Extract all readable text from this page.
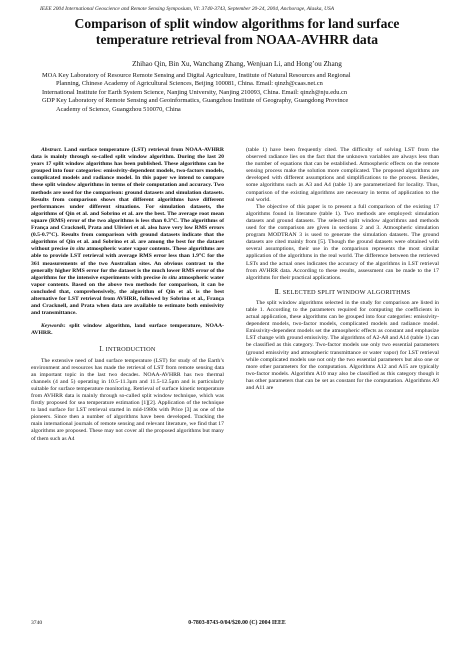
IEEE 2004 International Geoscience and Remote Sensing Symposium, VI: 3740-3743, September 20-24, 2004, Anchorage, Alaska, USA
Comparison of split window algorithms for land surface
temperature retrieval from NOAA-AVHRR data
Zhihao Qin, Bin Xu, Wanchang Zhang, Wenjuan Li, and Hong’ou Zhang

MOA Key Laboratory of Resource Remote Sensing and Digital Agriculture, Institute of Natural Resources and Regional
Planning, Chinese Academy of Agricultural Sciences, Beijing 100081, China. Email: qinzh@caas.net.cn

International Institute for Earth System Science, Nanjing University, Nanjing 210093, China. Email: qinzh@nju.edu.cn

GDP Key Laboratory of Remote Sensing and Geoinformatics, Guangzhou Institute of Geography, Guangdong Province
Academy of Science, Guangzhou 510070, China

Abstract. Land surface temperature (LST) retrieval from NOAA-AVHRR data is mainly through so-called split window algorithm. During the last 20 years 17 split window algorithms has been published. These algorithms can be grouped into four categories: emissivity-dependent models, two-factors models, complicated models and radiance model. In this paper we intend to compare these split window algorithms in terms of their computation and accuracy. Two methods are used for the comparison: ground datasets and simulation datasets. Results from comparison shows that different algorithms have different performances under different situations. For simulation datasets, the algorithms of Qin et al. and Sobrino et al. are the best. The average root mean square (RMS) error of the two algorithms is less than 0.3°C. The algorithms of França and Cracknell, Prata and Ulivieri et al. also have very low RMS errors (0.5-0.7°C). Results from comparison with ground datasets indicate that the algorithms of Qin et al. and Sobrino et al. are among the best for the dataset without precise in situ atmospheric water vapor contents. These algorithms are able to provide LST retrieval with average RMS error less than 1.9°C for the 361 measurements of the two Australian sites. An obvious contrast to the generally higher RMS error for the dataset is the much lower RMS error of the algorithms for the intensive experiments with precise in situ atmospheric water vapor contents. Based on the above two methods for comparison, it can be concluded that, comprehensively, the algorithm of Qin et al. is the best alternative for LST retrieval from AVHRR, followed by Sobrino et al., França and Cracknell, and Prata when data are available to estimate both emissivity and transmittance.

Keywords: split window algorithm, land surface temperature, NOAA-AVHRR.

Ⅰ. INTRODUCTION

The extensive need of land surface temperature (LST) for study of the Earth’s environment and resources has made the retrieval of LST from remote sensing data an important topic in the last two decades. NOAA-AVHRR has two thermal channels (4 and 5) operating in 10.5-11.3μm and 11.5-12.5μm and is particularly suitable for surface temperature monitoring. Retrieval of surface kinetic temperature from AVHRR data is mainly through so-called split window technique, which was firstly proposed for sea temperature estimation [1][2]. Application of the technique to land surface for LST retrieval started in mid-1980s with Price [3] as one of the pioneers. Since then a number of algorithms have been developed. Tracking the main international journals of remote sensing and relevant literature, we find that 17 algorithms are proposed. These may not cover all the proposed algorithms but many of them such as A4

(table 1) have been frequently cited. The difficulty of solving LST from the observed radiance lies on the fact that the unknown variables are always less than the number of equations that can be established. Atmospheric effects on the remote sensing process make the solution more complicated. The proposed algorithms are developed with different assumptions and simplifications to the process. Besides, some algorithms such as A3 and A4 (table 1) are parameterized for locality. Thus, comparison of the existing algorithms are necessary in terms of application to the real world.

The objective of this paper is to present a full comparison of the existing 17 algorithms found in literature (table 1). Two methods are employed: simulation datasets and ground datasets. The selected split window algorithms and methods used for the comparison are given in sections 2 and 3. Atmospheric simulation program MODTRAN 3 is used to generate the simulation datasets. The ground datasets are cited mainly from [5]. Though the ground datasets were obtained with several assumptions, their use in the comparison represents the most similar application of the algorithms in the real world. The difference between the retrieved LSTs and the actual ones indicates the accuracy of the algorithms in LST retrieval from AVHRR data. According to these results, assessment can be made to the 17 algorithms for their practical applications.

Ⅱ. SELECTED SPLIT WINDOW ALGORITHMS

The split window algorithms selected in the study for comparison are listed in table 1. According to the parameters required for computing the coefficients in actual application, these algorithms can be grouped into four categories: emissivity-dependent models, two-factor models, complicated models and radiance model. Emissivity-dependent models set the atmospheric effects as constant and emphasize LST change with ground emissivity. The algorithms of A2-A8 and A14 (table 1) can be classified as this category. Two-factor models use only two essential parameters (ground emissivity and atmospheric transmittance or water vapor) for LST retrieval while complicated models use not only the two essential parameters but also one or more other parameters for the computation. Algorithms A12 and A15 are typically two-factor models. Algorithm A10 may also be classified as this category though it has other parameters that can be set as constant for the computation. Algorithms A9 and A11 are

3740	0-7803-8743-0/04/$20.00 (C) 2004 IEEE
